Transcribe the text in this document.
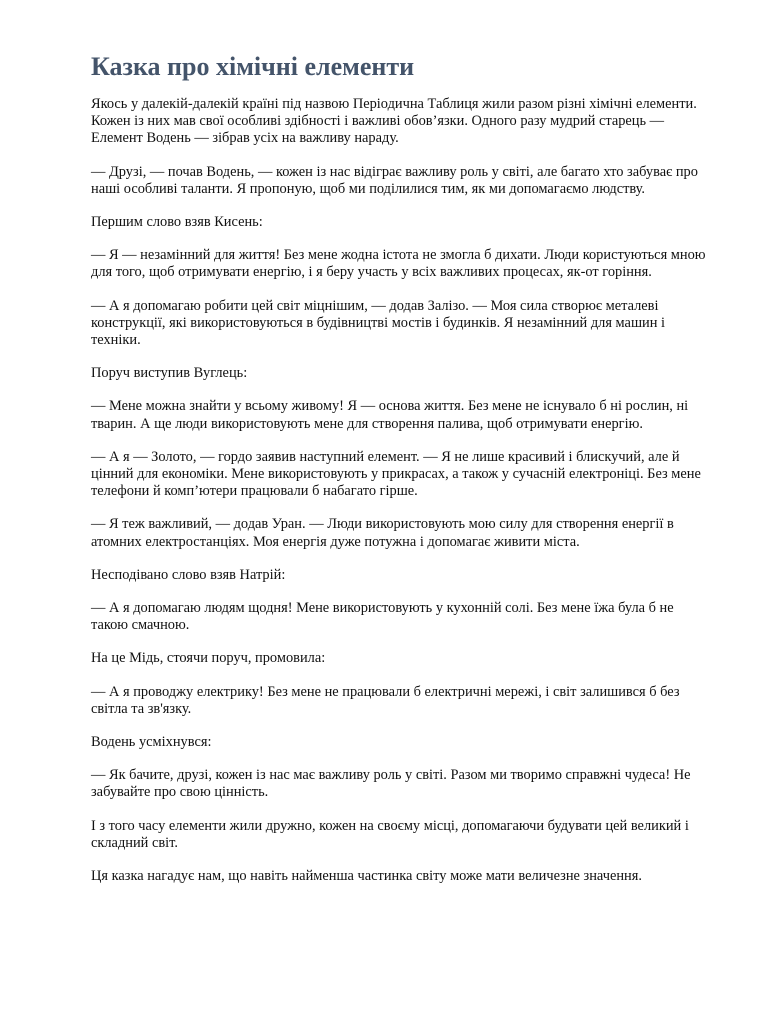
Казка про хімічні елементи

Якось у далекій-далекій країні під назвою Періодична Таблиця жили разом різні хімічні елементи. Кожен із них мав свої особливі здібності і важливі обов’язки. Одного разу мудрий старець — Елемент Водень — зібрав усіх на важливу нараду.

— Друзі, — почав Водень, — кожен із нас відіграє важливу роль у світі, але багато хто забуває про наші особливі таланти. Я пропоную, щоб ми поділилися тим, як ми допомагаємо людству.

Першим слово взяв Кисень:

— Я — незамінний для життя! Без мене жодна істота не змогла б дихати. Люди користуються мною для того, щоб отримувати енергію, і я беру участь у всіх важливих процесах, як-от горіння.

— А я допомагаю робити цей світ міцнішим, — додав Залізо. — Моя сила створює металеві конструкції, які використовуються в будівництві мостів і будинків. Я незамінний для машин і техніки.

Поруч виступив Вуглець:

— Мене можна знайти у всьому живому! Я — основа життя. Без мене не існувало б ні рослин, ні тварин. А ще люди використовують мене для створення палива, щоб отримувати енергію.

— А я — Золото, — гордо заявив наступний елемент. — Я не лише красивий і блискучий, але й цінний для економіки. Мене використовують у прикрасах, а також у сучасній електроніці. Без мене телефони й комп’ютери працювали б набагато гірше.

— Я теж важливий, — додав Уран. — Люди використовують мою силу для створення енергії в атомних електростанціях. Моя енергія дуже потужна і допомагає живити міста.

Несподівано слово взяв Натрій:

— А я допомагаю людям щодня! Мене використовують у кухонній солі. Без мене їжа була б не такою смачною.

На це Мідь, стоячи поруч, промовила:

— А я проводжу електрику! Без мене не працювали б електричні мережі, і світ залишився б без світла та зв'язку.

Водень усміхнувся:

— Як бачите, друзі, кожен із нас має важливу роль у світі. Разом ми творимо справжні чудеса! Не забувайте про свою цінність.

І з того часу елементи жили дружно, кожен на своєму місці, допомагаючи будувати цей великий і складний світ.

Ця казка нагадує нам, що навіть найменша частинка світу може мати величезне значення.
